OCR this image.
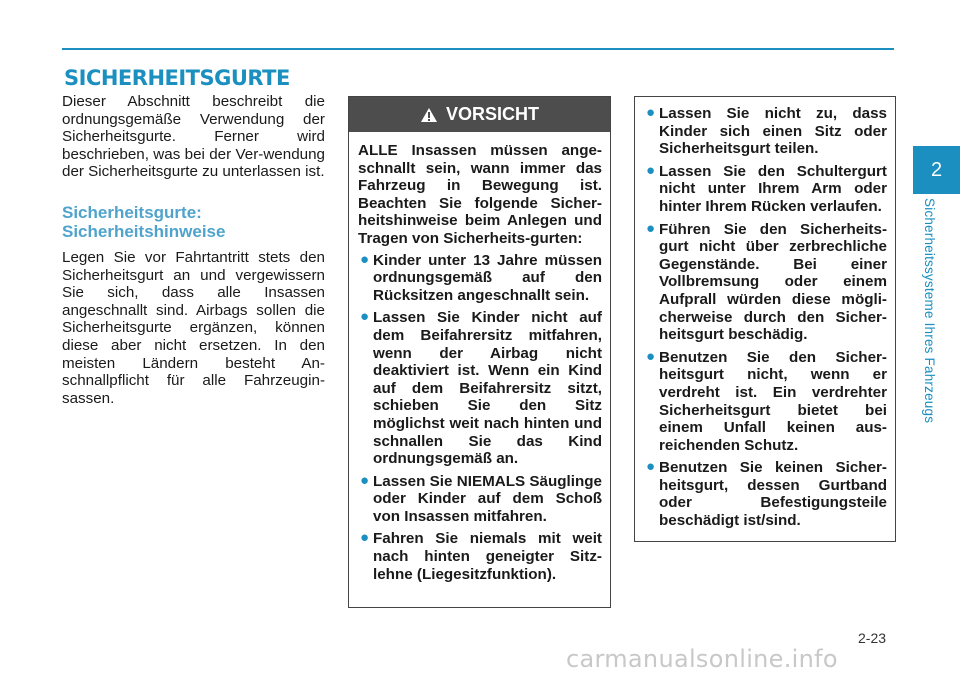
SICHERHEITSGURTE

Dieser Abschnitt beschreibt die ordnungsgemäße Verwendung der Sicherheitsgurte. Ferner wird beschrieben, was bei der Ver-wendung der Sicherheitsgurte zu unterlassen ist.

Sicherheitsgurte:
Sicherheitshinweise

Legen Sie vor Fahrtantritt stets den Sicherheitsgurt an und vergewissern Sie sich, dass alle Insassen angeschnallt sind. Airbags sollen die Sicherheitsgurte ergänzen, können diese aber nicht ersetzen. In den meisten Ländern besteht An-schnallpflicht für alle Fahrzeugin-sassen.

VORSICHT

ALLE Insassen müssen ange-schnallt sein, wann immer das Fahrzeug in Bewegung ist. Beachten Sie folgende Sicher-heitshinweise beim Anlegen und Tragen von Sicherheits-gurten:

● Kinder unter 13 Jahre müssen ordnungsgemäß auf den Rücksitzen angeschnallt sein.
● Lassen Sie Kinder nicht auf dem Beifahrersitz mitfahren, wenn der Airbag nicht deaktiviert ist. Wenn ein Kind auf dem Beifahrersitz sitzt, schieben Sie den Sitz möglichst weit nach hinten und schnallen Sie das Kind ordnungsgemäß an.
● Lassen Sie NIEMALS Säuglinge oder Kinder auf dem Schoß von Insassen mitfahren.
● Fahren Sie niemals mit weit nach hinten geneigter Sitz-lehne (Liegesitzfunktion).
● Lassen Sie nicht zu, dass Kinder sich einen Sitz oder Sicherheitsgurt teilen.
● Lassen Sie den Schultergurt nicht unter Ihrem Arm oder hinter Ihrem Rücken verlaufen.
● Führen Sie den Sicherheits-gurt nicht über zerbrechliche Gegenstände. Bei einer Vollbremsung oder einem Aufprall würden diese mögli-cherweise durch den Sicher-heitsgurt beschädig.
● Benutzen Sie den Sicher-heitsgurt nicht, wenn er verdreht ist. Ein verdrehter Sicherheitsgurt bietet bei einem Unfall keinen aus-reichenden Schutz.
● Benutzen Sie keinen Sicher-heitsgurt, dessen Gurtband oder Befestigungsteile beschädigt ist/sind.
2
Sicherheitssysteme Ihres Fahrzeugs
2-23
carmanualsonline.info
